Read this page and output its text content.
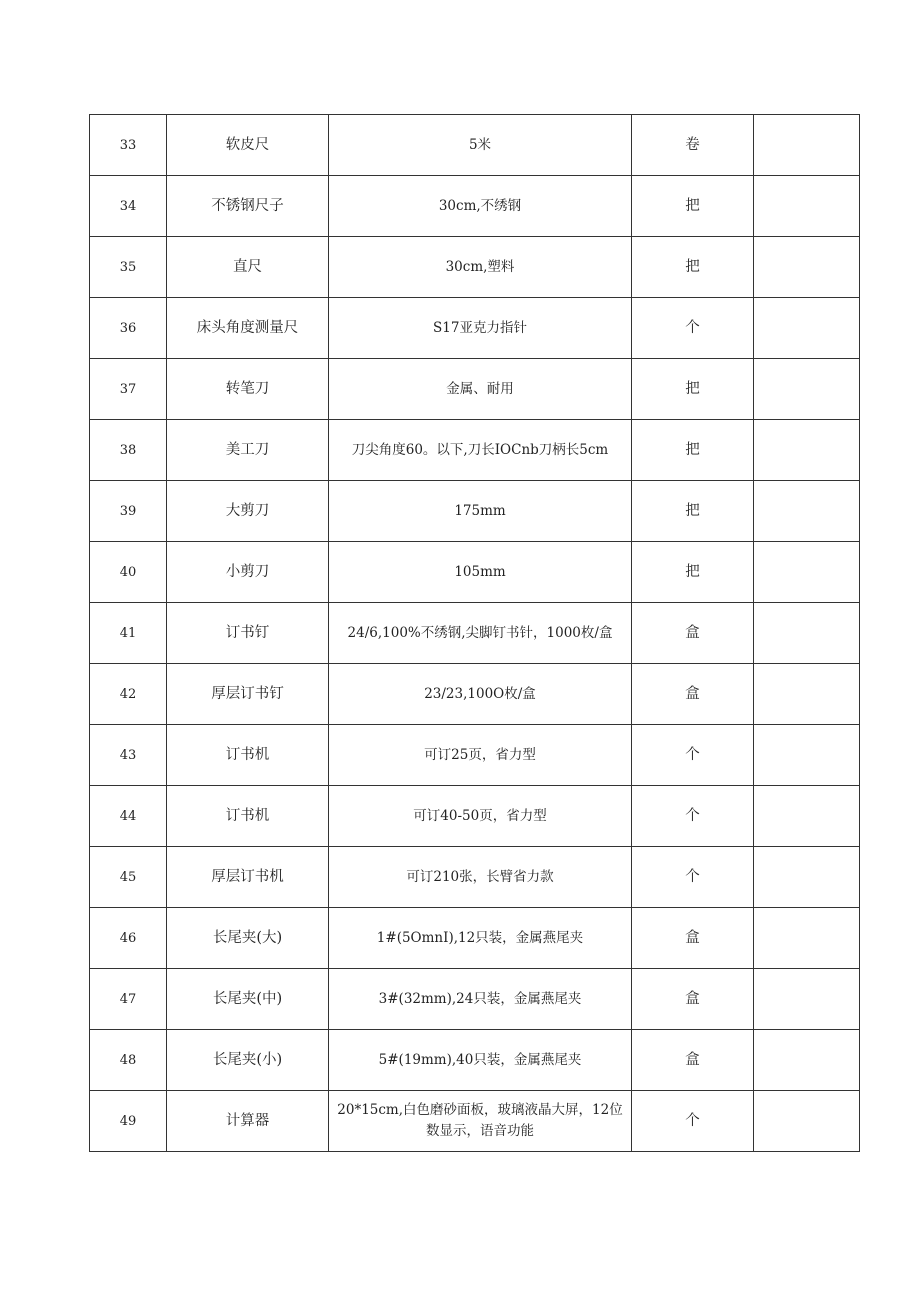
33	软皮尺	5米	卷	
34	不锈钢尺子	30cm,不绣钢	把	
35	直尺	30cm,塑料	把	
36	床头角度测量尺	S17亚克力指针	个	
37	转笔刀	金属、耐用	把	
38	美工刀	刀尖角度60。以下,刀长IOCnb刀柄长5cm	把	
39	大剪刀	175mm	把	
40	小剪刀	105mm	把	
41	订书钉	24/6,100%不绣钢,尖脚钉书针，1000枚/盒	盒	
42	厚层订书钉	23/23,100O枚/盒	盒	
43	订书机	可订25页，省力型	个	
44	订书机	可订40-50页，省力型	个	
45	厚层订书机	可订210张，长臂省力款	个	
46	长尾夹(大)	1#(5OmnI),12只装，金属燕尾夹	盒	
47	长尾夹(中)	3#(32mm),24只装，金属燕尾夹	盒	
48	长尾夹(小)	5#(19mm),40只装，金属燕尾夹	盒	
49	计算器	20*15cm,白色磨砂面板，玻璃液晶大屏，12位数显示，语音功能	个	
